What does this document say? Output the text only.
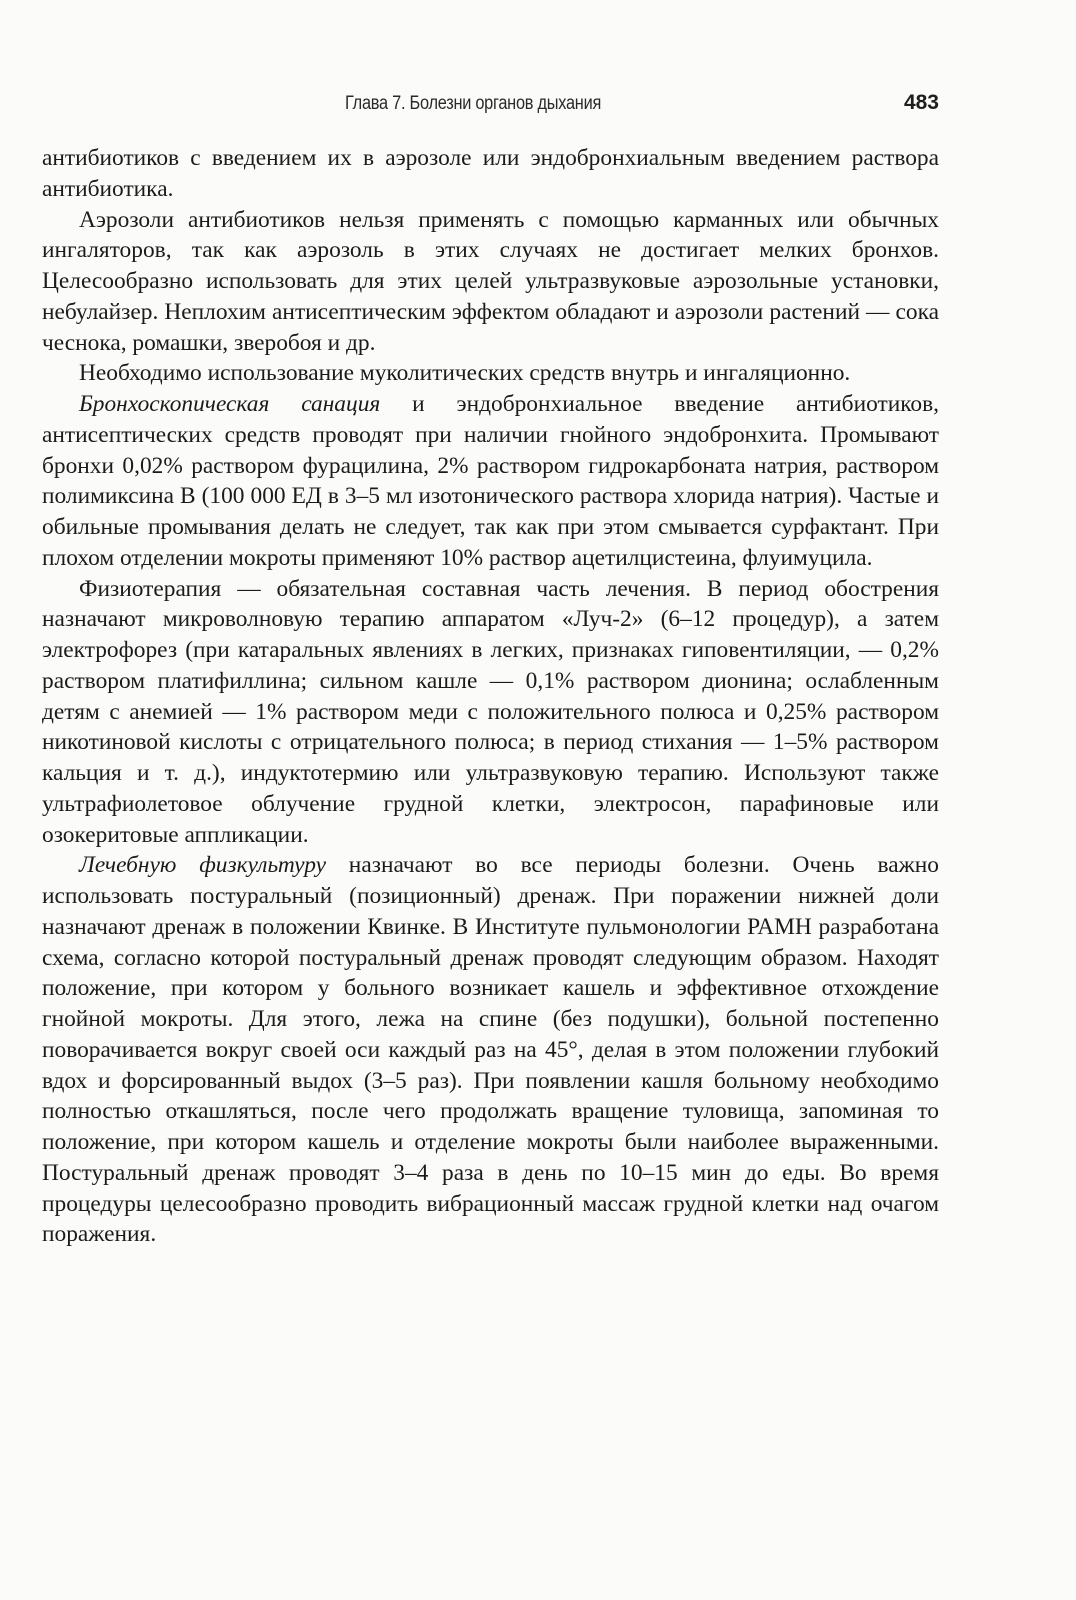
Глава 7. Болезни органов дыхания	483

антибиотиков с введением их в аэрозоле или эндобронхиальным введением раствора антибиотика.

Аэрозоли антибиотиков нельзя применять с помощью карманных или обычных ингаляторов, так как аэрозоль в этих случаях не достигает мелких бронхов. Целесообразно использовать для этих целей ультразвуковые аэрозольные установки, небулайзер. Неплохим антисептическим эффектом обладают и аэрозоли растений — сока чеснока, ромашки, зверобоя и др.

Необходимо использование муколитических средств внутрь и ингаляционно.

Бронхоскопическая санация и эндобронхиальное введение антибиотиков, антисептических средств проводят при наличии гнойного эндобронхита. Промывают бронхи 0,02% раствором фурацилина, 2% раствором гидрокарбоната натрия, раствором полимиксина В (100 000 ЕД в 3–5 мл изотонического раствора хлорида натрия). Частые и обильные промывания делать не следует, так как при этом смывается сурфактант. При плохом отделении мокроты применяют 10% раствор ацетилцистеина, флуимуцила.

Физиотерапия — обязательная составная часть лечения. В период обострения назначают микроволновую терапию аппаратом «Луч-2» (6–12 процедур), а затем электрофорез (при катаральных явлениях в легких, признаках гиповентиляции, — 0,2% раствором платифиллина; сильном кашле — 0,1% раствором дионина; ослабленным детям с анемией — 1% раствором меди с положительного полюса и 0,25% раствором никотиновой кислоты с отрицательного полюса; в период стихания — 1–5% раствором кальция и т. д.), индуктотермию или ультразвуковую терапию. Используют также ультрафиолетовое облучение грудной клетки, электросон, парафиновые или озокеритовые аппликации.

Лечебную физкультуру назначают во все периоды болезни. Очень важно использовать постуральный (позиционный) дренаж. При поражении нижней доли назначают дренаж в положении Квинке. В Институте пульмонологии РАМН разработана схема, согласно которой постуральный дренаж проводят следующим образом. Находят положение, при котором у больного возникает кашель и эффективное отхождение гнойной мокроты. Для этого, лежа на спине (без подушки), больной постепенно поворачивается вокруг своей оси каждый раз на 45°, делая в этом положении глубокий вдох и форсированный выдох (3–5 раз). При появлении кашля больному необходимо полностью откашляться, после чего продолжать вращение туловища, запоминая то положение, при котором кашель и отделение мокроты были наиболее выраженными. Постуральный дренаж проводят 3–4 раза в день по 10–15 мин до еды. Во время процедуры целесообразно проводить вибрационный массаж грудной клетки над очагом поражения.
